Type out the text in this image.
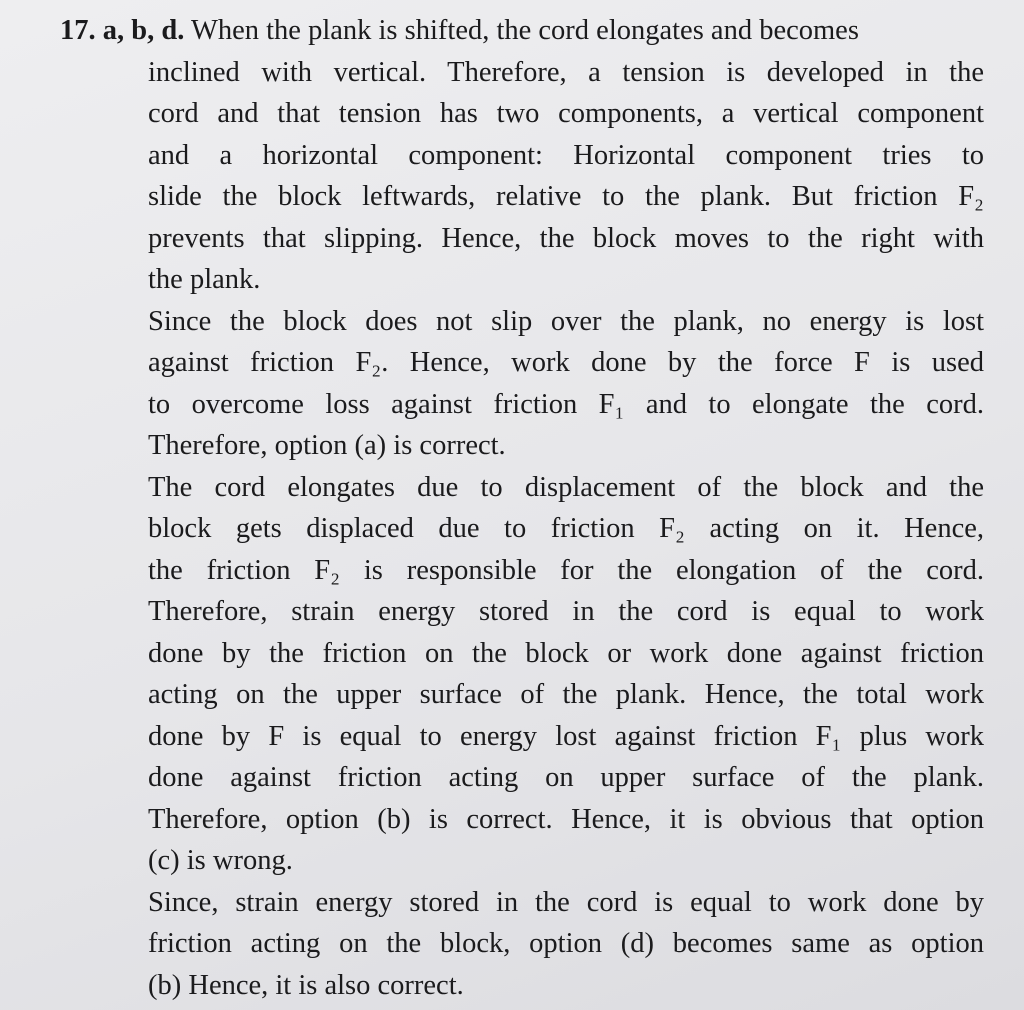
17. a, b, d. When the plank is shifted, the cord elongates and becomes
inclined with vertical. Therefore, a tension is developed in the
cord and that tension has two components, a vertical component
and a horizontal component: Horizontal component tries to
slide the block leftwards, relative to the plank. But friction F₂
prevents that slipping. Hence, the block moves to the right with
the plank.
Since the block does not slip over the plank, no energy is lost
against friction F₂. Hence, work done by the force F is used
to overcome loss against friction F₁ and to elongate the cord.
Therefore, option (a) is correct.
The cord elongates due to displacement of the block and the
block gets displaced due to friction F₂ acting on it. Hence,
the friction F₂ is responsible for the elongation of the cord.
Therefore, strain energy stored in the cord is equal to work
done by the friction on the block or work done against friction
acting on the upper surface of the plank. Hence, the total work
done by F is equal to energy lost against friction F₁ plus work
done against friction acting on upper surface of the plank.
Therefore, option (b) is correct. Hence, it is obvious that option
(c) is wrong.
Since, strain energy stored in the cord is equal to work done by
friction acting on the block, option (d) becomes same as option
(b) Hence, it is also correct.
